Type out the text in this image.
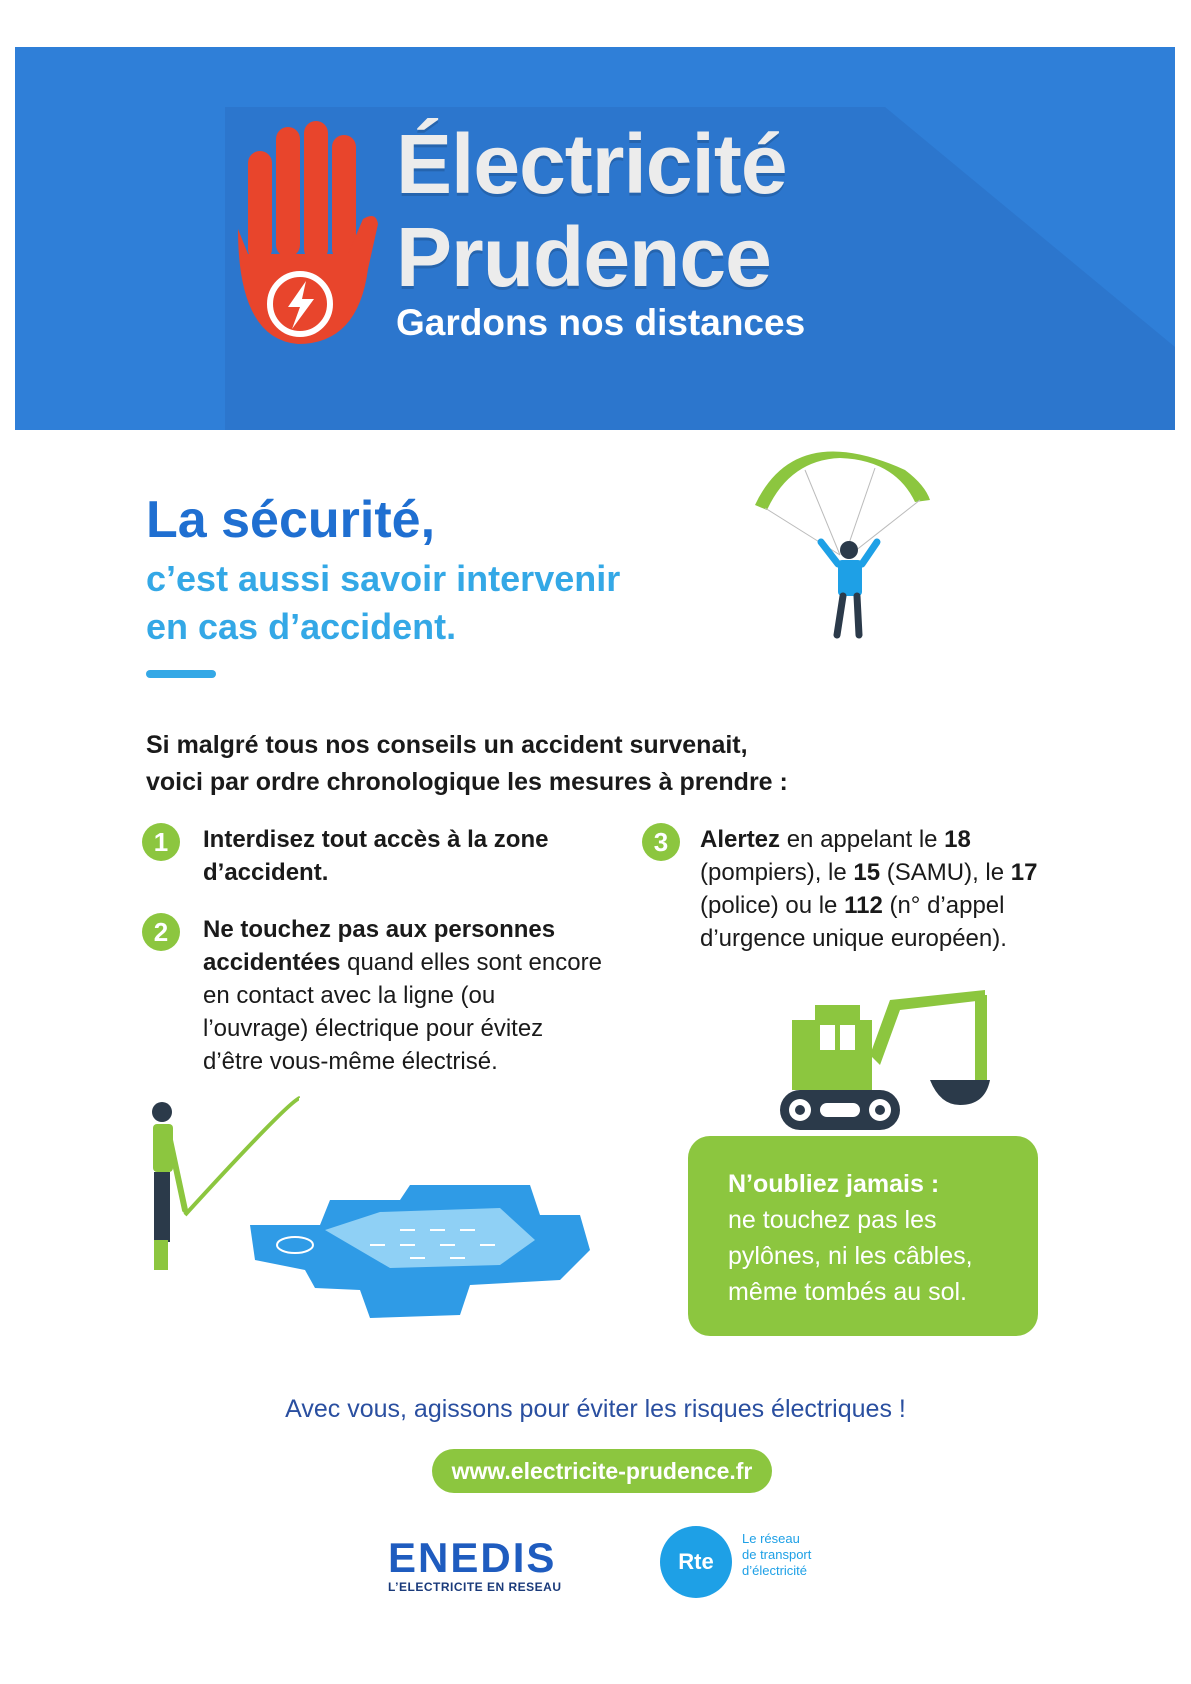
Électricité
Prudence
Gardons nos distances
La sécurité,
c’est aussi savoir intervenir
en cas d’accident.
Si malgré tous nos conseils un accident survenait,
voici par ordre chronologique les mesures à prendre :
1	Interdisez tout accès à la zone d’accident.
2	Ne touchez pas aux personnes accidentées quand elles sont encore en contact avec la ligne (ou l’ouvrage) électrique pour évitez d’être vous-même électrisé.
3	Alertez en appelant le 18 (pompiers), le 15 (SAMU), le 17 (police) ou le 112 (n° d’appel d’urgence unique européen).
N’oubliez jamais :
ne touchez pas les
pylônes, ni les câbles,
même tombés au sol.
Avec vous, agissons pour éviter les risques électriques !
www.electricite-prudence.fr
ENEDIS
L’ELECTRICITE EN RESEAU
Rte
Le réseau
de transport
d’électricité
